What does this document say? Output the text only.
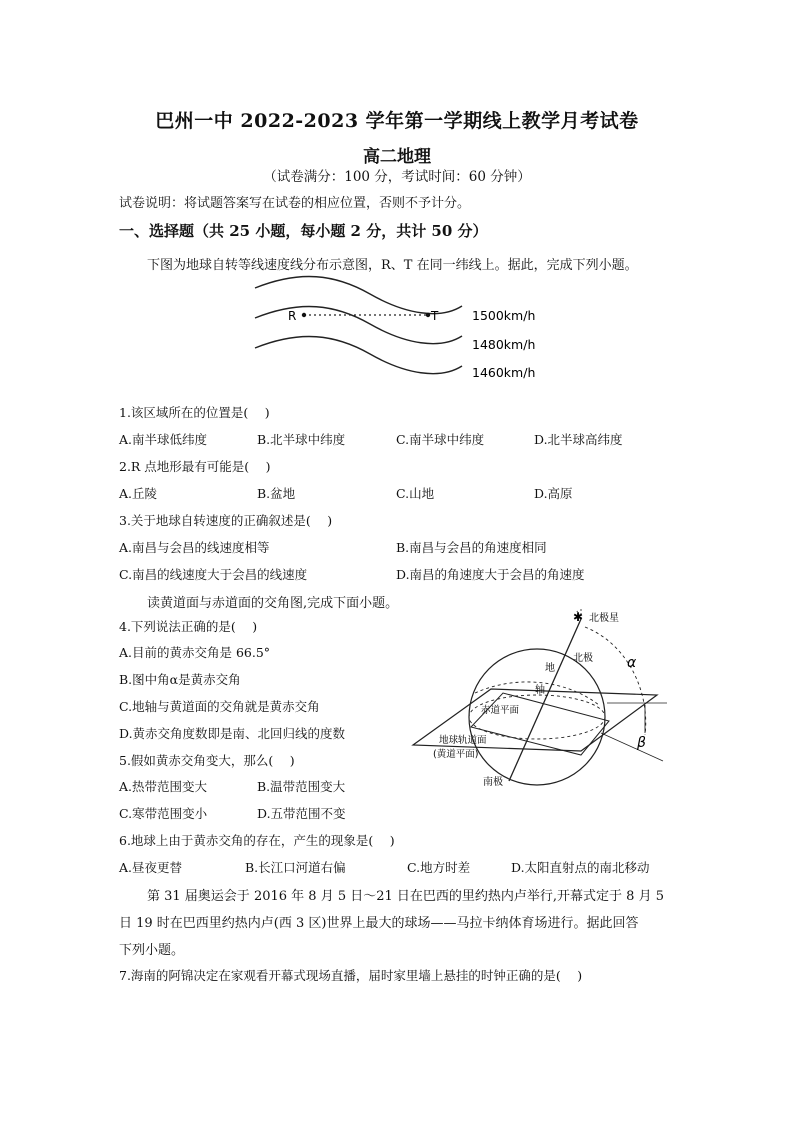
巴州一中 2022-2023 学年第一学期线上教学月考试卷
高二地理
（试卷满分：100 分，考试时间：60 分钟）
试卷说明：将试题答案写在试卷的相应位置，否则不予计分。
一、选择题（共 25 小题，每小题 2 分，共计 50 分）
下图为地球自转等线速度线分布示意图，R、T 在同一纬线上。据此，完成下列小题。
R	T	1500km/h
1480km/h
1460km/h
1.该区域所在的位置是(　 )
A.南半球低纬度	B.北半球中纬度	C.南半球中纬度	D.北半球高纬度
2.R 点地形最有可能是(　 )
A.丘陵	B.盆地	C.山地	D.高原
3.关于地球自转速度的正确叙述是(　 )
A.南昌与会昌的线速度相等	B.南昌与会昌的角速度相同
C.南昌的线速度大于会昌的线速度	D.南昌的角速度大于会昌的角速度
读黄道面与赤道面的交角图,完成下面小题。
4.下列说法正确的是(　 )
A.目前的黄赤交角是 66.5°
B.图中角α是黄赤交角
C.地轴与黄道面的交角就是黄赤交角
D.黄赤交角度数即是南、北回归线的度数
5.假如黄赤交角变大，那么(　 )
A.热带范围变大	B.温带范围变大
C.寒带范围变小	D.五带范围不变
✱ 北极星
北极
地
轴
赤道平面
地球轨道面
(黄道平面)
南极
α
β
6.地球上由于黄赤交角的存在，产生的现象是(　 )
A.昼夜更替	B.长江口河道右偏	C.地方时差	D.太阳直射点的南北移动
第 31 届奥运会于 2016 年 8 月 5 日～21 日在巴西的里约热内卢举行,开幕式定于 8 月 5
日 19 时在巴西里约热内卢(西 3 区)世界上最大的球场——马拉卡纳体育场进行。据此回答
下列小题。
7.海南的阿锦决定在家观看开幕式现场直播，届时家里墙上悬挂的时钟正确的是(　 )
